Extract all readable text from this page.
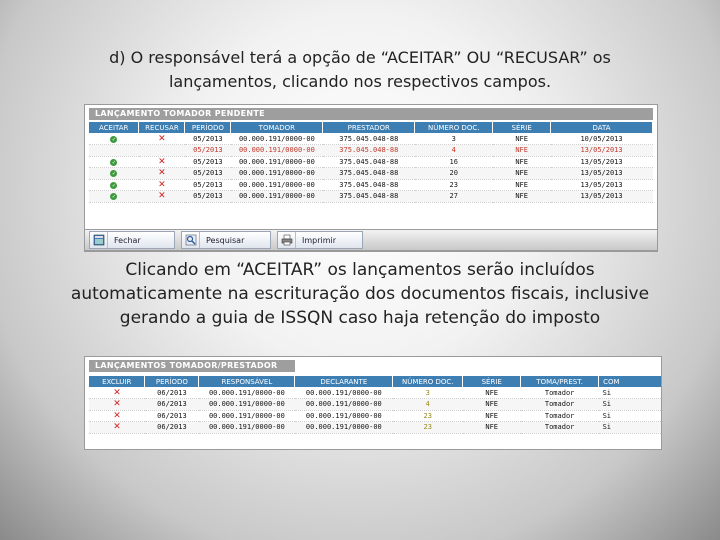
d) O responsável terá a opção de “ACEITAR” OU “RECUSAR” os
lançamentos, clicando nos respectivos campos.
LANÇAMENTO TOMADOR PENDENTE
ACEITAR	RECUSAR	PERÍODO	TOMADOR	PRESTADOR	NÚMERO DOC.	SÉRIE	DATA
✓	✕	05/2013	00.000.191/0000-00	375.045.048-88	3	NFE	10/05/2013
		05/2013	00.000.191/0000-00	375.045.048-88	4	NFE	13/05/2013
✓	✕	05/2013	00.000.191/0000-00	375.045.048-88	16	NFE	13/05/2013
✓	✕	05/2013	00.000.191/0000-00	375.045.048-88	20	NFE	13/05/2013
✓	✕	05/2013	00.000.191/0000-00	375.045.048-88	23	NFE	13/05/2013
✓	✕	05/2013	00.000.191/0000-00	375.045.048-88	27	NFE	13/05/2013
Fechar	Pesquisar	Imprimir
Clicando em “ACEITAR” os lançamentos serão incluídos
automaticamente na escrituração dos documentos fiscais, inclusive
gerando a guia de ISSQN caso haja retenção do imposto
LANÇAMENTOS TOMADOR/PRESTADOR
EXCLUIR	PERÍODO	RESPONSÁVEL	DECLARANTE	NÚMERO DOC.	SÉRIE	TOMA/PREST.	COM
✕	06/2013	00.000.191/0000-00	00.000.191/0000-00	3	NFE	Tomador	Si
✕	06/2013	00.000.191/0000-00	00.000.191/0000-00	4	NFE	Tomador	Si
✕	06/2013	00.000.191/0000-00	00.000.191/0000-00	23	NFE	Tomador	Si
✕	06/2013	00.000.191/0000-00	00.000.191/0000-00	23	NFE	Tomador	Si
